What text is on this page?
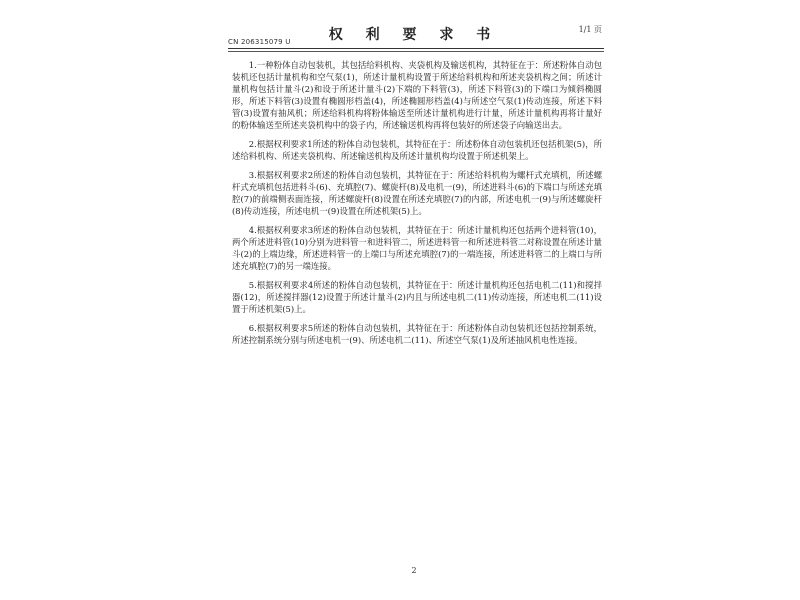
CN 206315079 U	权 利 要 求 书	1/1 页

1.一种粉体自动包装机，其包括给料机构、夹袋机构及输送机构，其特征在于：所述粉体自动包装机还包括计量机构和空气泵(1)，所述计量机构设置于所述给料机构和所述夹袋机构之间；所述计量机构包括计量斗(2)和设于所述计量斗(2)下端的下料管(3)，所述下料管(3)的下端口为倾斜椭圆形，所述下料管(3)设置有椭圆形档盖(4)，所述椭圆形档盖(4)与所述空气泵(1)传动连接，所述下料管(3)设置有抽风机；所述给料机构将粉体输送至所述计量机构进行计量，所述计量机构再将计量好的粉体输送至所述夹袋机构中的袋子内，所述输送机构再将包装好的所述袋子向输送出去。

2.根据权利要求1所述的粉体自动包装机，其特征在于：所述粉体自动包装机还包括机架(5)，所述给料机构、所述夹袋机构、所述输送机构及所述计量机构均设置于所述机架上。

3.根据权利要求2所述的粉体自动包装机，其特征在于：所述给料机构为螺杆式充填机，所述螺杆式充填机包括进料斗(6)、充填腔(7)、螺旋杆(8)及电机一(9)，所述进料斗(6)的下端口与所述充填腔(7)的前端侧表面连接，所述螺旋杆(8)设置在所述充填腔(7)的内部，所述电机一(9)与所述螺旋杆(8)传动连接，所述电机一(9)设置在所述机架(5)上。

4.根据权利要求3所述的粉体自动包装机，其特征在于：所述计量机构还包括两个进料管(10)，两个所述进料管(10)分别为进料管一和进料管二，所述进料管一和所述进料管二对称设置在所述计量斗(2)的上端边缘，所述进料管一的上端口与所述充填腔(7)的一端连接，所述进料管二的上端口与所述充填腔(7)的另一端连接。

5.根据权利要求4所述的粉体自动包装机，其特征在于：所述计量机构还包括电机二(11)和搅拌器(12)，所述搅拌器(12)设置于所述计量斗(2)内且与所述电机二(11)传动连接，所述电机二(11)设置于所述机架(5)上。

6.根据权利要求5所述的粉体自动包装机，其特征在于：所述粉体自动包装机还包括控制系统，所述控制系统分别与所述电机一(9)、所述电机二(11)、所述空气泵(1)及所述抽风机电性连接。

2
